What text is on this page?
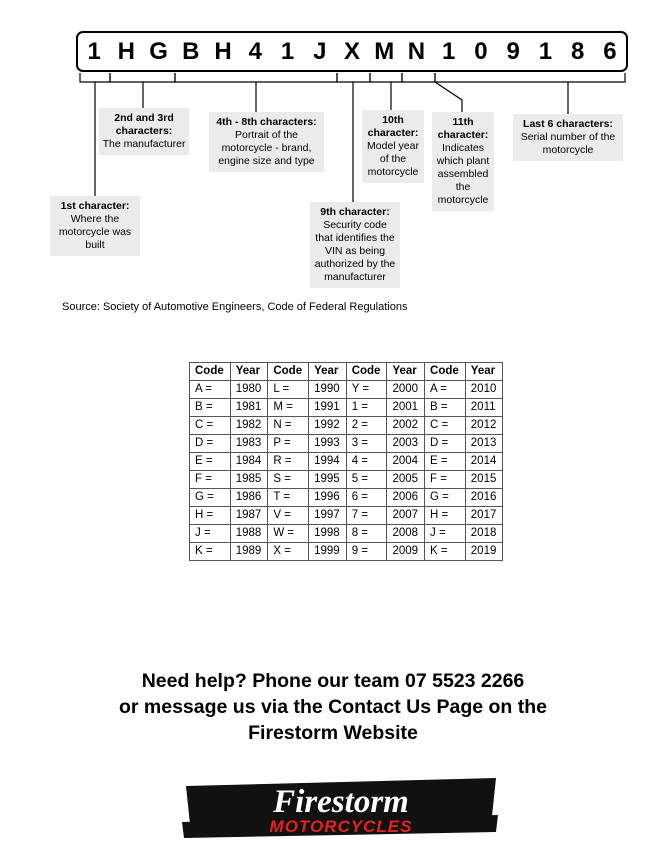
1 H G B H 4 1 J X M N 1 0 9 1 8 6
1st character:
Where the motorcycle was built
2nd and 3rd characters:
The manufacturer
4th - 8th characters:
Portrait of the motorcycle - brand, engine size and type
9th character:
Security code that identifies the VIN as being authorized by the manufacturer
10th character:
Model year of the motorcycle
11th character:
Indicates which plant assembled the motorcycle
Last 6 characters:
Serial number of the motorcycle
Source: Society of Automotive Engineers, Code of Federal Regulations
Code	Year	Code	Year	Code	Year	Code	Year
A =	1980	L =	1990	Y =	2000	A =	2010
B =	1981	M =	1991	1 =	2001	B =	2011
C =	1982	N =	1992	2 =	2002	C =	2012
D =	1983	P =	1993	3 =	2003	D =	2013
E =	1984	R =	1994	4 =	2004	E =	2014
F =	1985	S =	1995	5 =	2005	F =	2015
G =	1986	T =	1996	6 =	2006	G =	2016
H =	1987	V =	1997	7 =	2007	H =	2017
J =	1988	W =	1998	8 =	2008	J =	2018
K =	1989	X =	1999	9 =	2009	K =	2019
Need help? Phone our team 07 5523 2266
or message us via the Contact Us Page on the
Firestorm Website
Firestorm
MOTORCYCLES
